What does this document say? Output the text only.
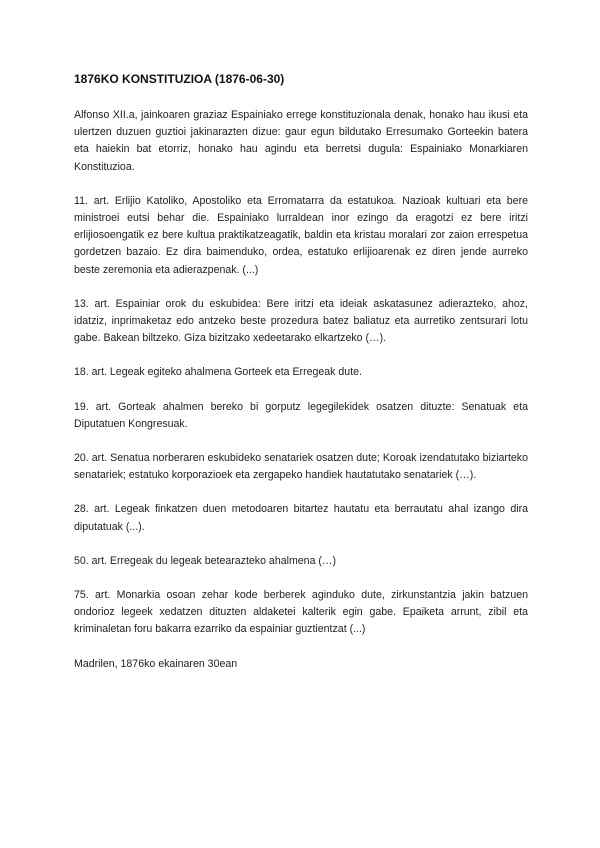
1876KO KONSTITUZIOA (1876-06-30)

Alfonso XII.a, jainkoaren graziaz Espainiako errege konstituzionala denak, honako hau ikusi eta ulertzen duzuen guztioi jakinarazten dizue: gaur egun bildutako Erresumako Gorteekin batera eta haiekin bat etorriz, honako hau agindu eta berretsi dugula: Espainiako Monarkiaren Konstituzioa.

11. art. Erlijio Katoliko, Apostoliko eta Erromatarra da estatukoa. Nazioak kultuari eta bere ministroei eutsi behar die. Espainiako lurraldean inor ezingo da eragotzi ez bere iritzi erlijiosoengatik ez bere kultua praktikatzeagatik, baldin eta kristau moralari zor zaion errespetua gordetzen bazaio. Ez dira baimenduko, ordea, estatuko erlijioarenak ez diren jende aurreko beste zeremonia eta adierazpenak. (...)

13. art. Espainiar orok du eskubidea: Bere iritzi eta ideiak askatasunez adierazteko, ahoz, idatziz, inprimaketaz edo antzeko beste prozedura batez baliatuz eta aurretiko zentsurari lotu gabe. Bakean biltzeko. Giza bizitzako xedeetarako elkartzeko (…).

18. art. Legeak egiteko ahalmena Gorteek eta Erregeak dute.

19. art. Gorteak ahalmen bereko bi gorputz legegilekidek osatzen dituzte: Senatuak eta Diputatuen Kongresuak.

20. art. Senatua norberaren eskubideko senatariek osatzen dute; Koroak izendatutako biziarteko senatariek; estatuko korporazioek eta zergapeko handiek hautatutako senatariek (…).

28. art. Legeak finkatzen duen metodoaren bitartez hautatu eta berrautatu ahal izango dira diputatuak (...).

50. art. Erregeak du legeak betearazteko ahalmena (…)

75. art. Monarkia osoan zehar kode berberek aginduko dute, zirkunstantzia jakin batzuen ondorioz legeek xedatzen dituzten aldaketei kalterik egin gabe. Epaiketa arrunt, zibil eta kriminaletan foru bakarra ezarriko da espainiar guztientzat (...)

Madrilen, 1876ko ekainaren 30ean
